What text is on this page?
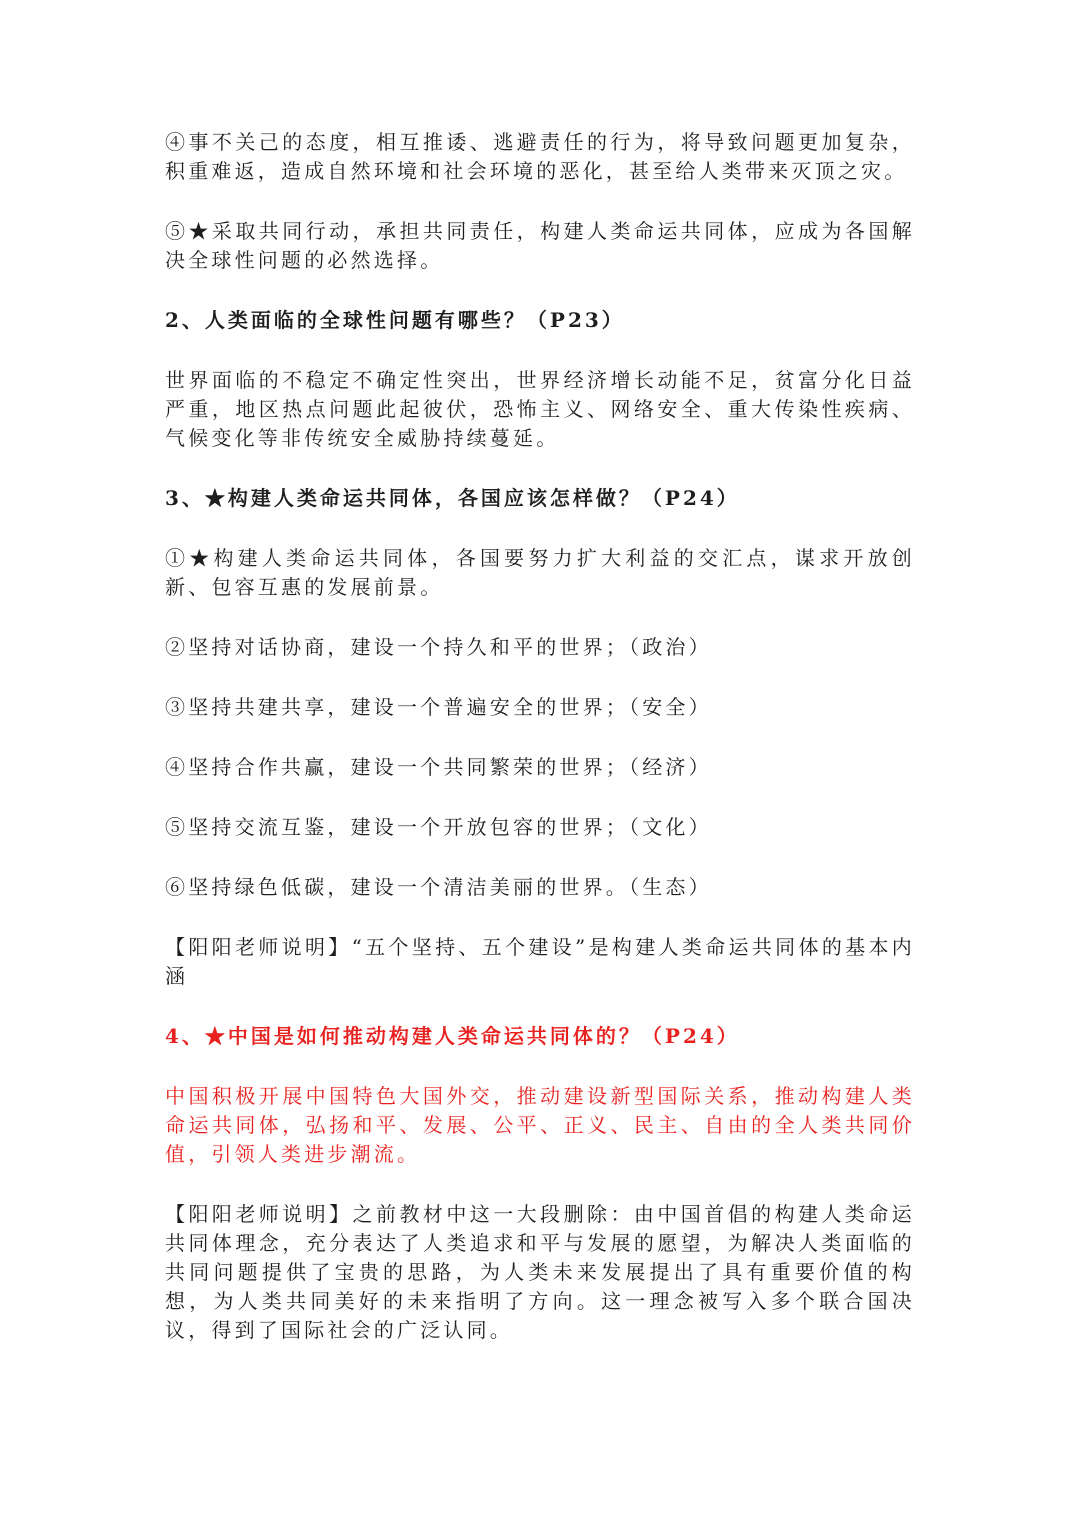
④事不关己的态度，相互推诿、逃避责任的行为，将导致问题更加复杂，积重难返，造成自然环境和社会环境的恶化，甚至给人类带来灭顶之灾。

⑤★采取共同行动，承担共同责任，构建人类命运共同体，应成为各国解决全球性问题的必然选择。

2、人类面临的全球性问题有哪些？（P23）

世界面临的不稳定不确定性突出，世界经济增长动能不足，贫富分化日益严重，地区热点问题此起彼伏，恐怖主义、网络安全、重大传染性疾病、气候变化等非传统安全威胁持续蔓延。

3、★构建人类命运共同体，各国应该怎样做？（P24）

①★构建人类命运共同体，各国要努力扩大利益的交汇点，谋求开放创新、包容互惠的发展前景。

②坚持对话协商，建设一个持久和平的世界；（政治）

③坚持共建共享，建设一个普遍安全的世界；（安全）

④坚持合作共赢，建设一个共同繁荣的世界；（经济）

⑤坚持交流互鉴，建设一个开放包容的世界；（文化）

⑥坚持绿色低碳，建设一个清洁美丽的世界。（生态）

【阳阳老师说明】“五个坚持、五个建设”是构建人类命运共同体的基本内涵

4、★中国是如何推动构建人类命运共同体的？（P24）

中国积极开展中国特色大国外交，推动建设新型国际关系，推动构建人类命运共同体，弘扬和平、发展、公平、正义、民主、自由的全人类共同价值，引领人类进步潮流。

【阳阳老师说明】之前教材中这一大段删除：由中国首倡的构建人类命运共同体理念，充分表达了人类追求和平与发展的愿望，为解决人类面临的共同问题提供了宝贵的思路，为人类未来发展提出了具有重要价值的构想，为人类共同美好的未来指明了方向。这一理念被写入多个联合国决议，得到了国际社会的广泛认同。
